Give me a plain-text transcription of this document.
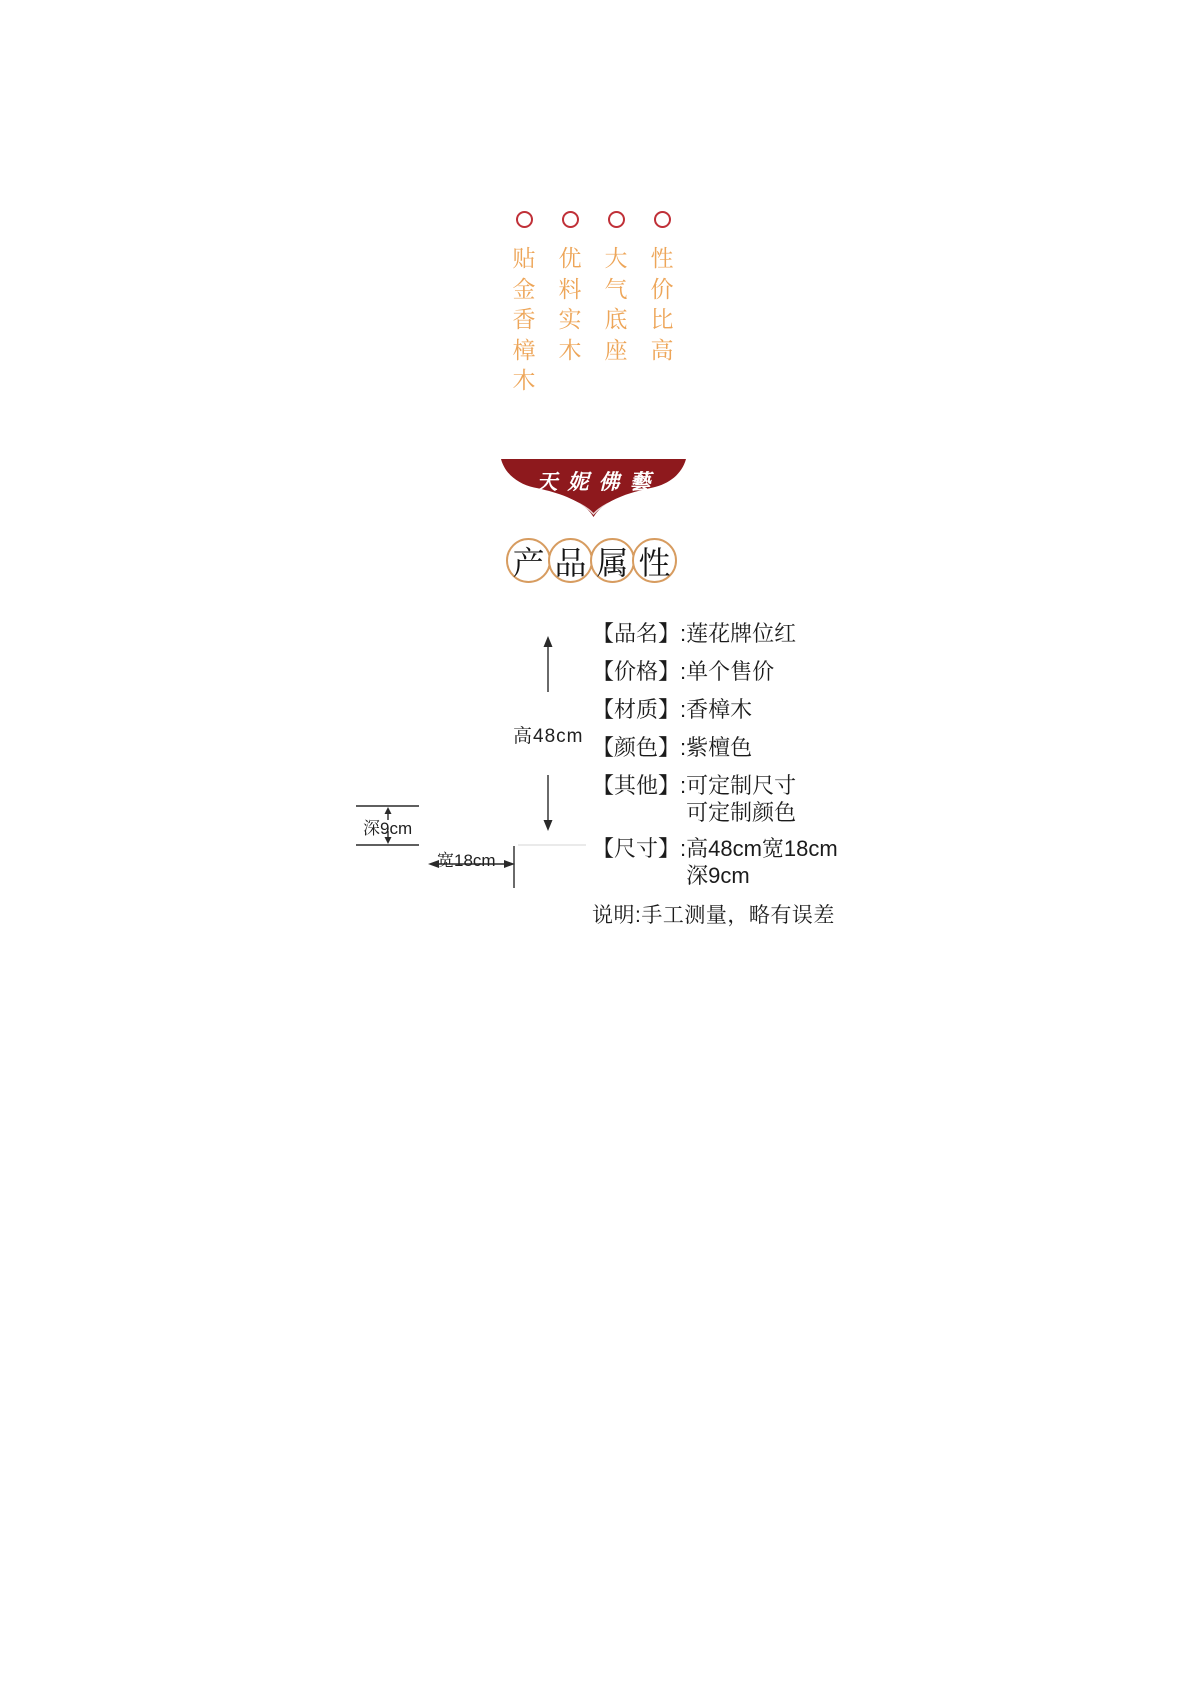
贴金香樟木
优料实木
大气底座
性价比高
天妮佛藝
产 品 属 性
高48cm
深9cm
宽18cm
【品名】: 莲花牌位红
【价格】: 单个售价
【材质】: 香樟木
【颜色】: 紫檀色
【其他】: 可定制尺寸
可定制颜色
【尺寸】: 高48cm宽18cm
深9cm
说明:手工测量，略有误差
